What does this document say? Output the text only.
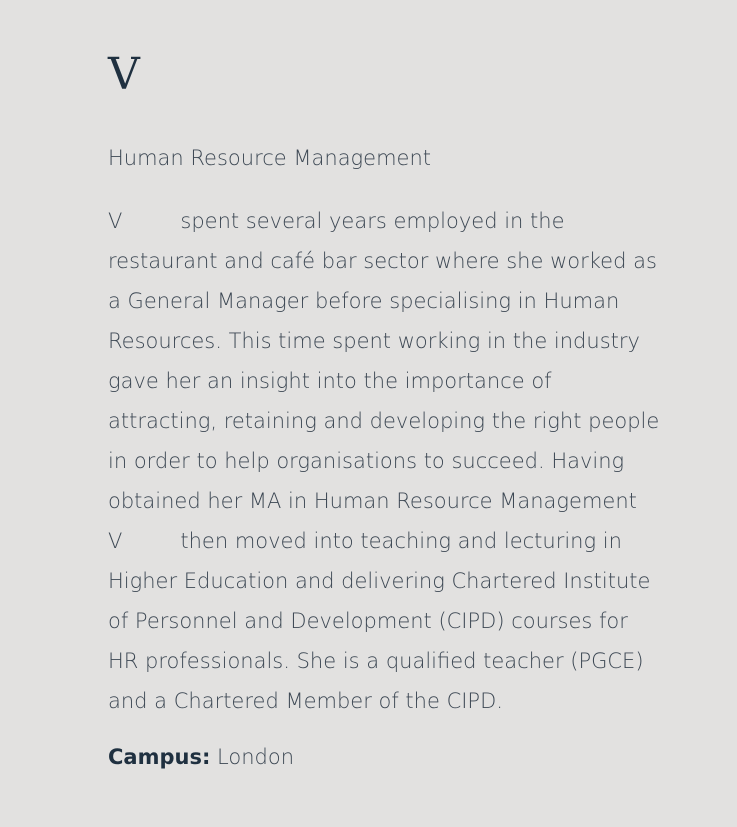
V

Human Resource Management

V	spent several years employed in the
restaurant and café bar sector where she worked as
a General Manager before specialising in Human
Resources. This time spent working in the industry
gave her an insight into the importance of
attracting, retaining and developing the right people
in order to help organisations to succeed. Having
obtained her MA in Human Resource Management
V	then moved into teaching and lecturing in
Higher Education and delivering Chartered Institute
of Personnel and Development (CIPD) courses for
HR professionals. She is a qualified teacher (PGCE)
and a Chartered Member of the CIPD.

Campus: London
